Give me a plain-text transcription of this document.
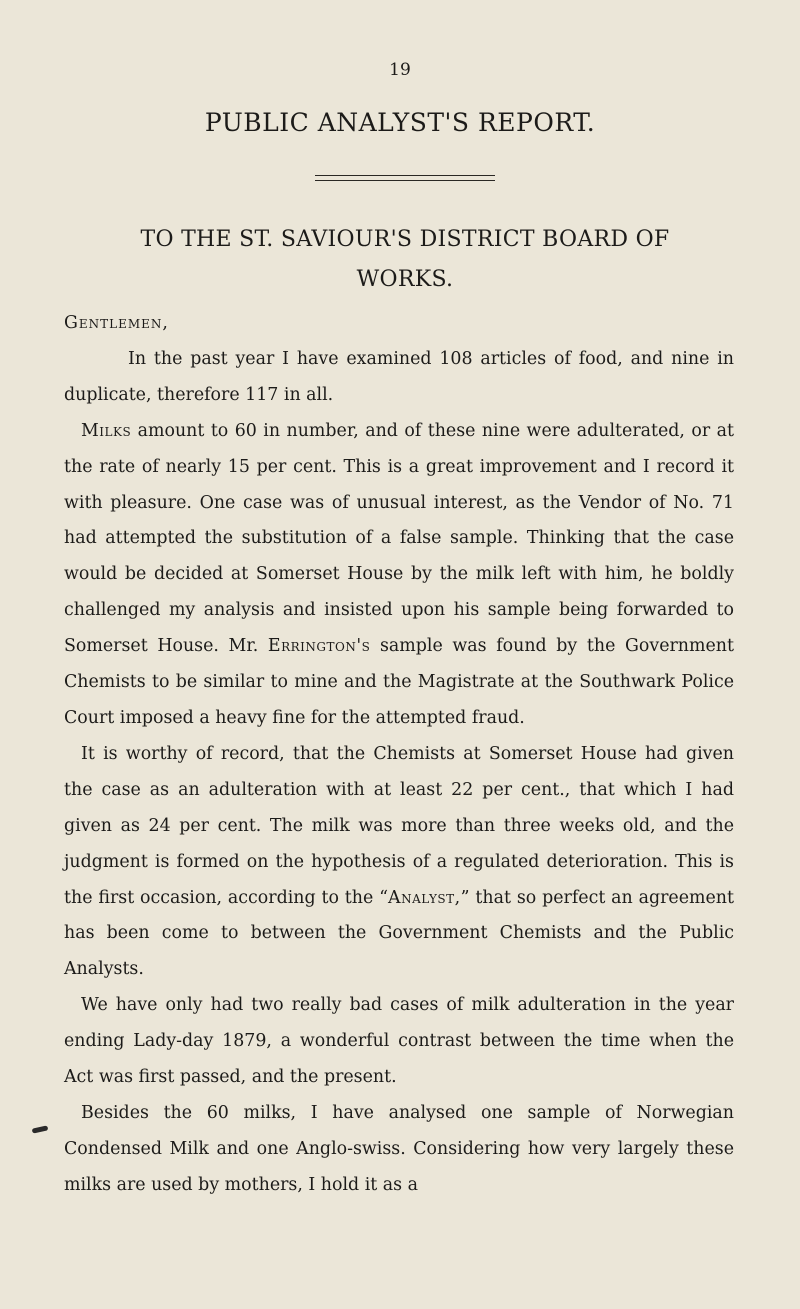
19
PUBLIC ANALYST'S REPORT.
TO THE ST. SAVIOUR'S DISTRICT BOARD OF WORKS.

Gentlemen,

In the past year I have examined 108 articles of food, and nine in duplicate, therefore 117 in all.

Milks amount to 60 in number, and of these nine were adulterated, or at the rate of nearly 15 per cent. This is a great improvement and I record it with pleasure. One case was of unusual interest, as the Vendor of No. 71 had attempted the substitution of a false sample. Thinking that the case would be decided at Somerset House by the milk left with him, he boldly challenged my analysis and insisted upon his sample being forwarded to Somerset House. Mr. Errington's sample was found by the Government Chemists to be similar to mine and the Magistrate at the Southwark Police Court imposed a heavy fine for the attempted fraud.

It is worthy of record, that the Chemists at Somerset House had given the case as an adulteration with at least 22 per cent., that which I had given as 24 per cent. The milk was more than three weeks old, and the judgment is formed on the hypothesis of a regulated deterioration. This is the first occasion, according to the “Analyst,” that so perfect an agreement has been come to between the Government Chemists and the Public Analysts.

We have only had two really bad cases of milk adulteration in the year ending Lady-day 1879, a wonderful contrast between the time when the Act was first passed, and the present.

Besides the 60 milks, I have analysed one sample of Norwegian Condensed Milk and one Anglo-swiss. Considering how very largely these milks are used by mothers, I hold it as a
